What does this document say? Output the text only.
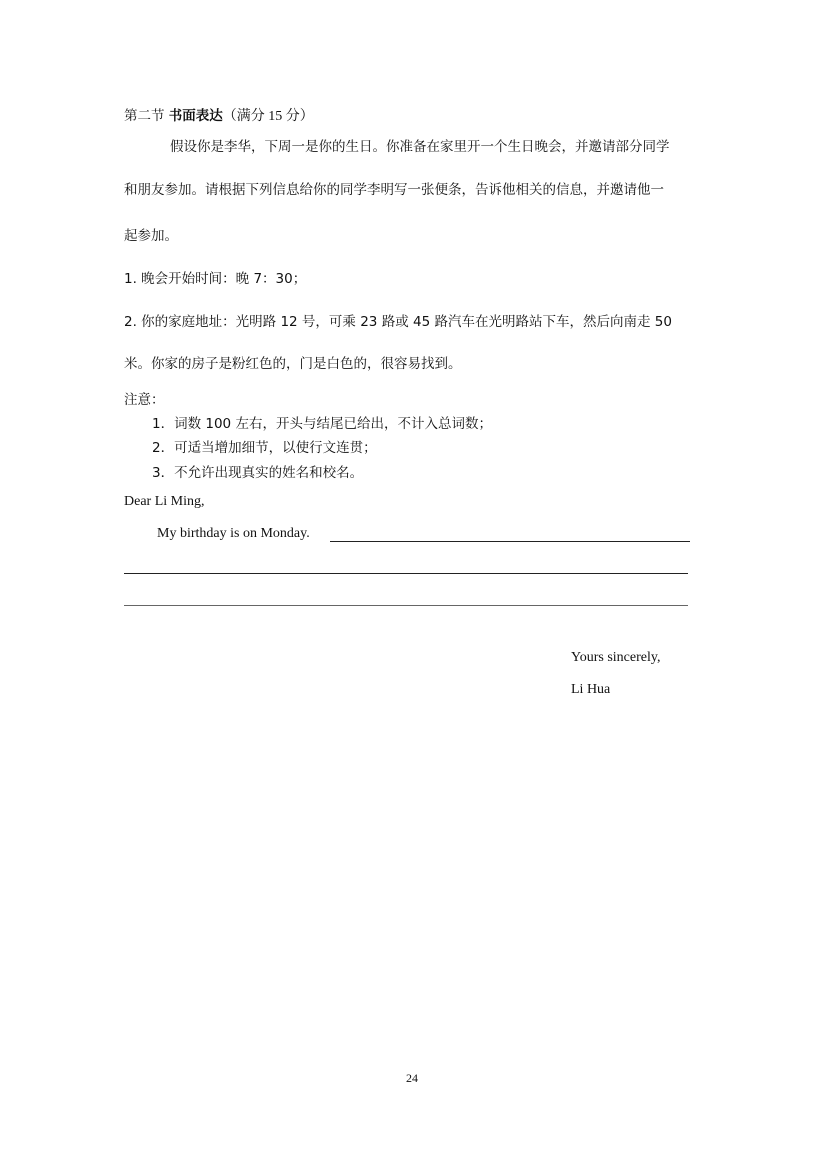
第二节 书面表达（满分 15 分）
假设你是李华，下周一是你的生日。你准备在家里开一个生日晚会，并邀请部分同学
和朋友参加。请根据下列信息给你的同学李明写一张便条，告诉他相关的信息，并邀请他一
起参加。
1. 晚会开始时间：晚 7：30；
2. 你的家庭地址：光明路 12 号，可乘 23 路或 45 路汽车在光明路站下车，然后向南走 50
米。你家的房子是粉红色的，门是白色的，很容易找到。
注意：
1．词数 100 左右，开头与结尾已给出，不计入总词数；
2．可适当增加细节，以使行文连贯；
3．不允许出现真实的姓名和校名。
Dear Li Ming,
My birthday is on Monday.
Yours sincerely,
Li Hua
24
